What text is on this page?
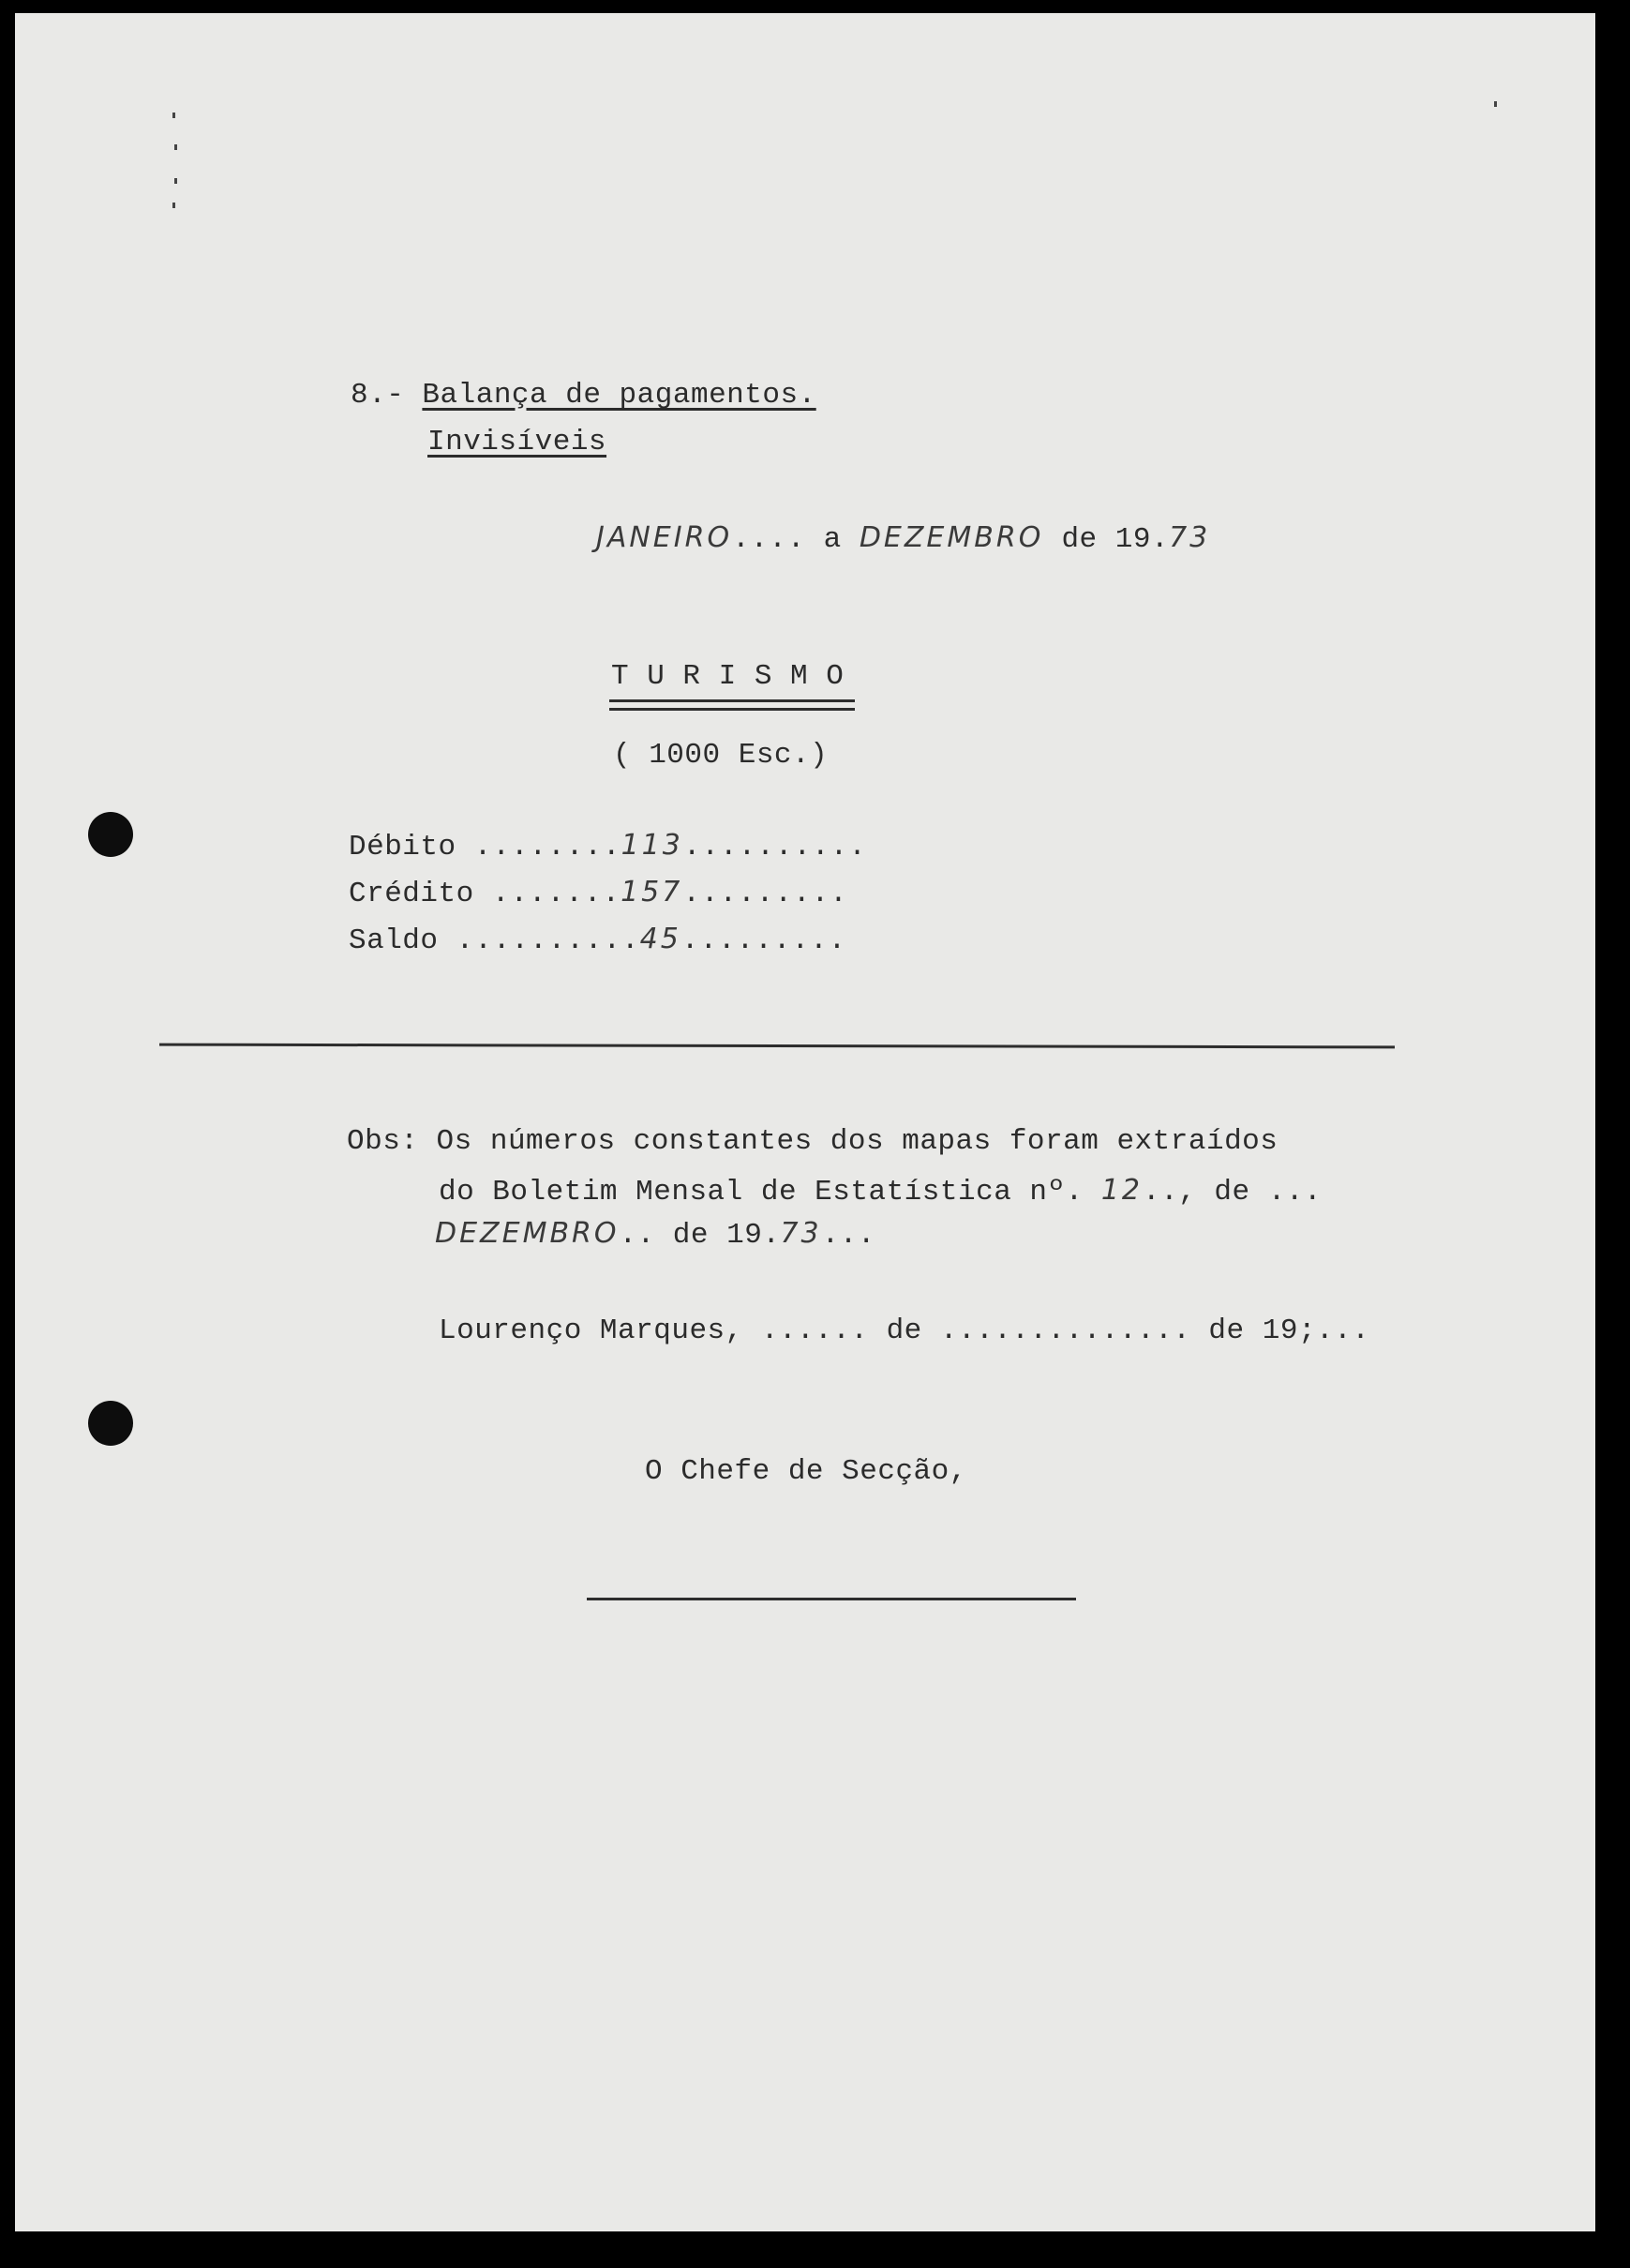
8.- Balança de pagamentos.
Invisíveis
JANEIRO.... a DEZEMBRO de 19.73
T U R I S M O
( 1000 Esc.)
Débito ........113..........
Crédito .......157.........
Saldo ..........45.........
Obs: Os números constantes dos mapas foram extraídos
do Boletim Mensal de Estatística nº. 12.., de ...
DEZEMBRO.. de 19.73...
Lourenço Marques, ...... de .............. de 19;...
O Chefe de Secção,
